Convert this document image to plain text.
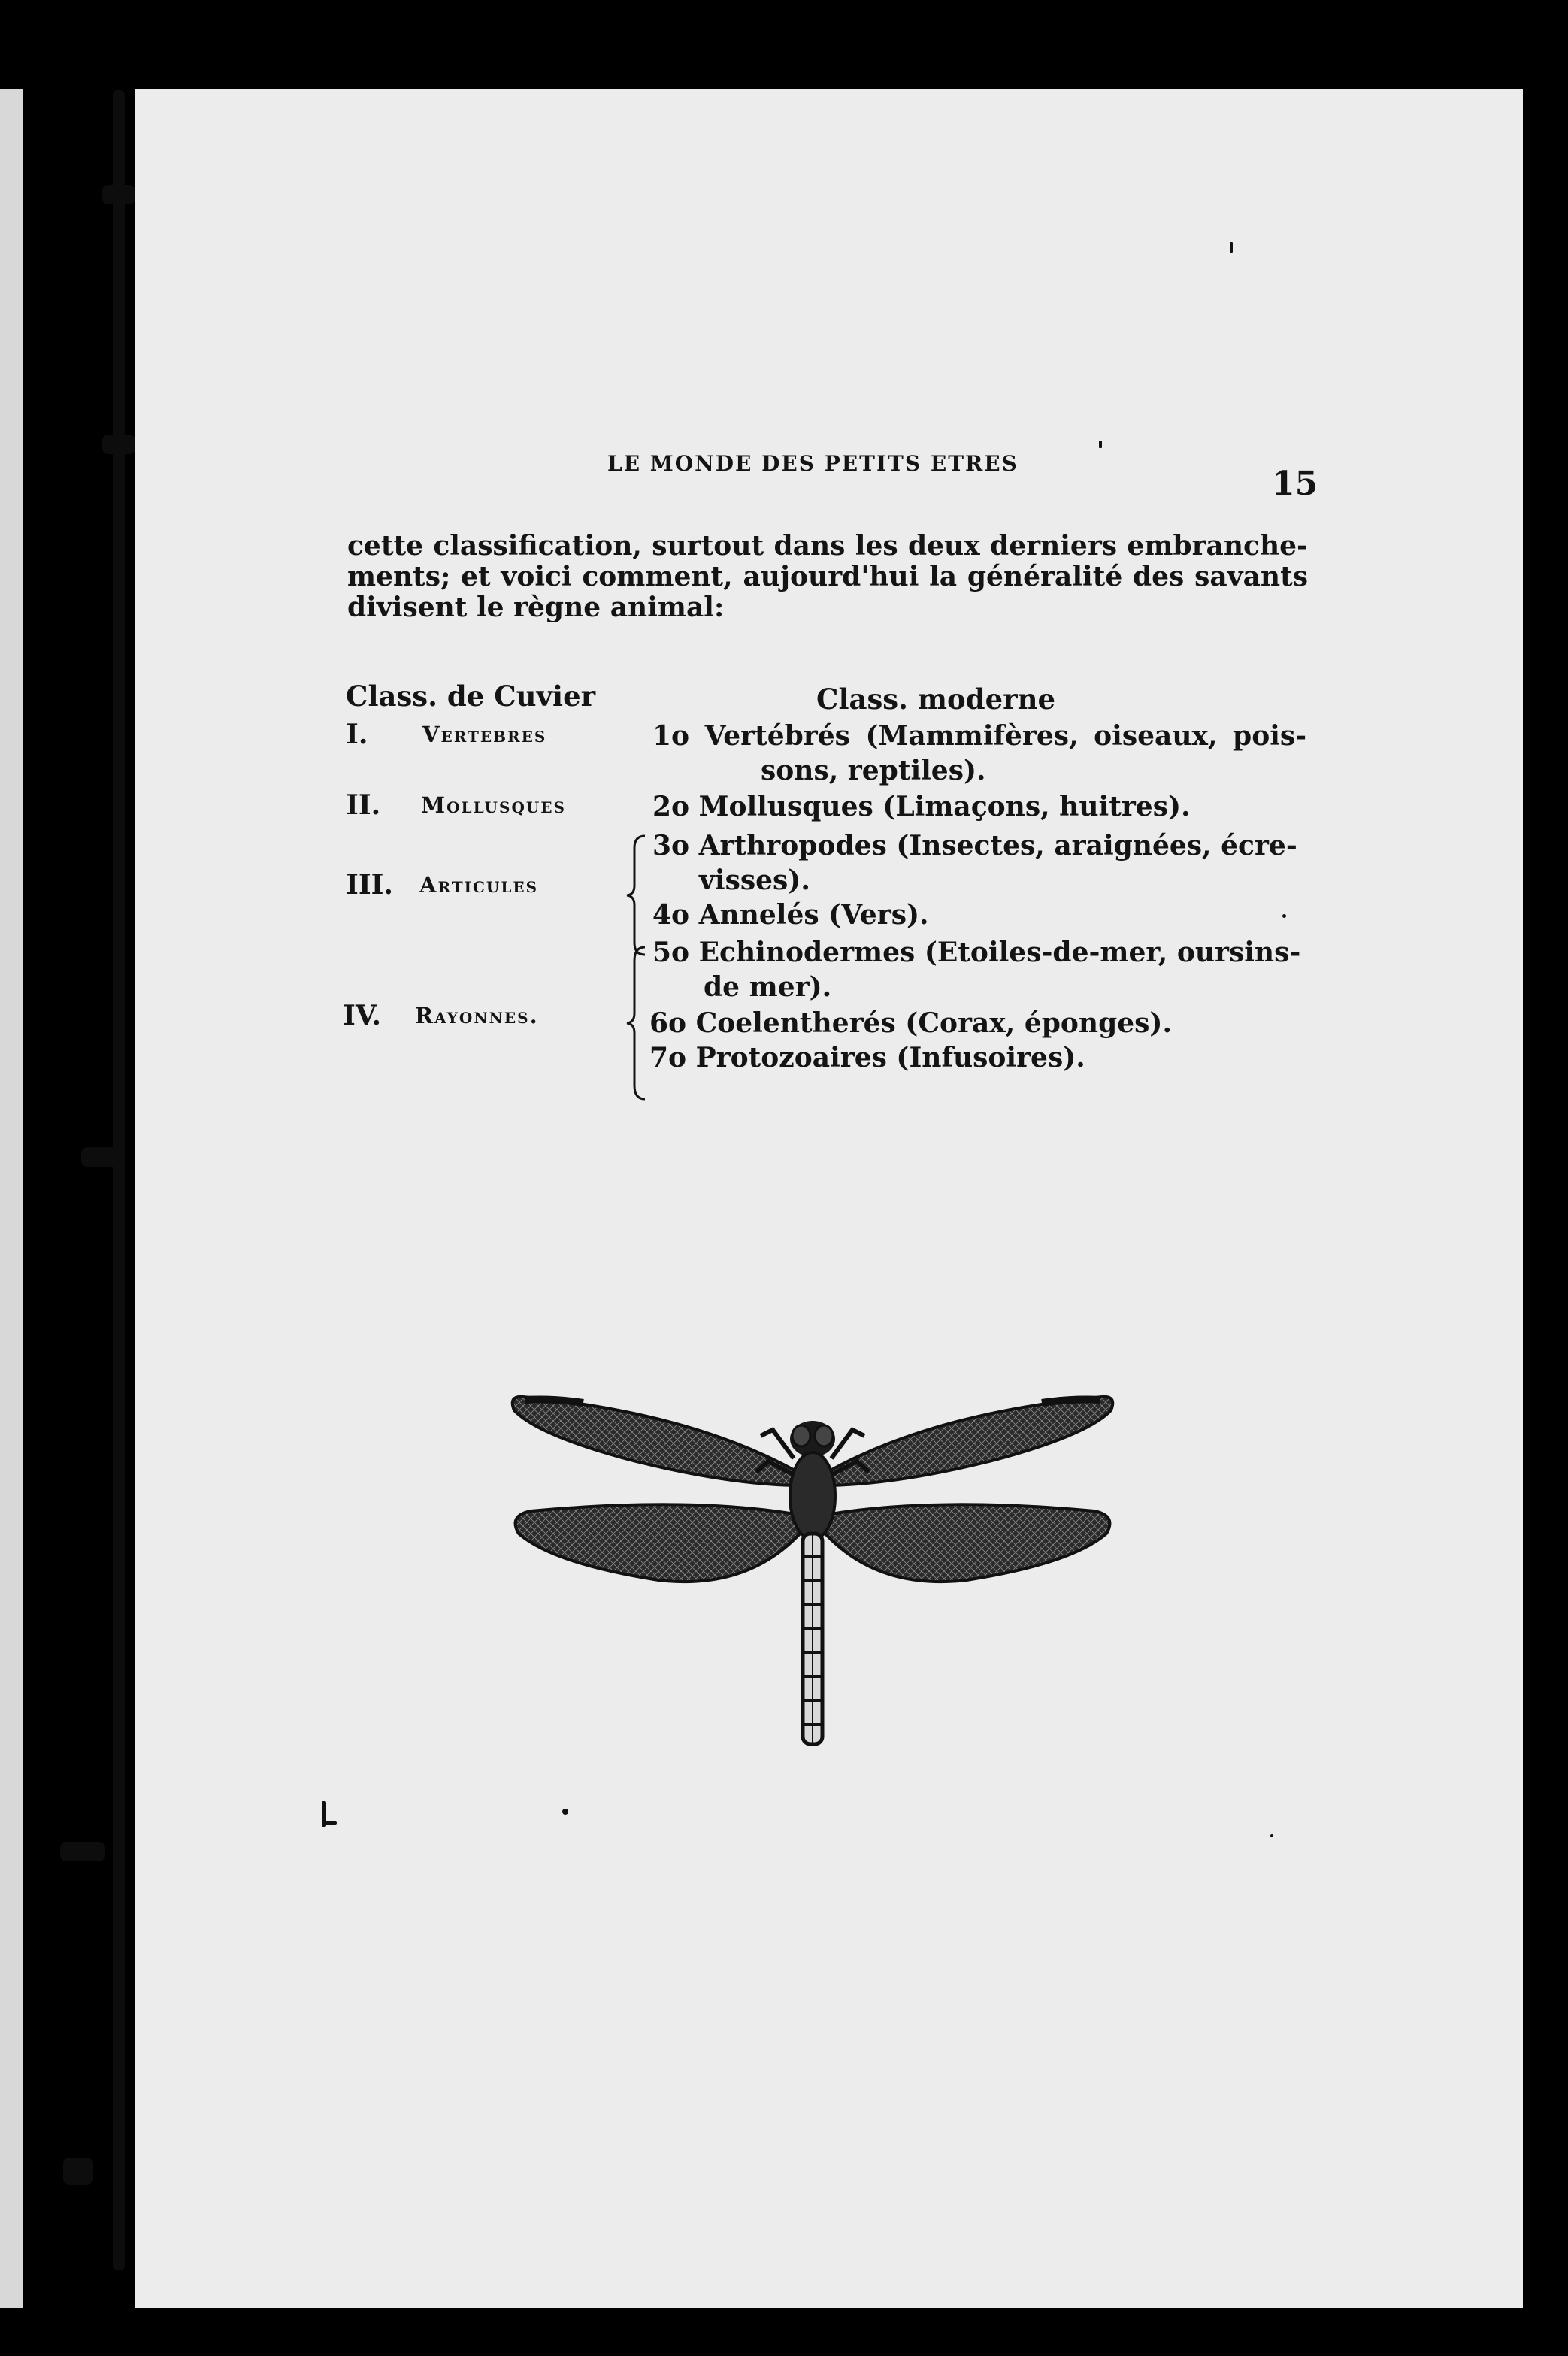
LE MONDE DES PETITS ETRES
15
cette classification, surtout dans les deux derniers embranche-
ments; et voici comment, aujourd'hui la généralité des savants
divisent le règne animal:
Class. de Cuvier	Class. moderne
I.	Vertebres
II. Mollusques
III. Articules
IV. Rayonnes.
1o Vertébrés (Mammifères, oiseaux, pois-
sons, reptiles).
2o Mollusques (Limaçons, huitres).
3o Arthropodes (Insectes, araignées, écre-
visses).
4o Annelés (Vers).
5o Echinodermes (Etoiles-de-mer, oursins-
de mer).
6o Coelentherés (Corax, éponges).
7o Protozoaires (Infusoires).
